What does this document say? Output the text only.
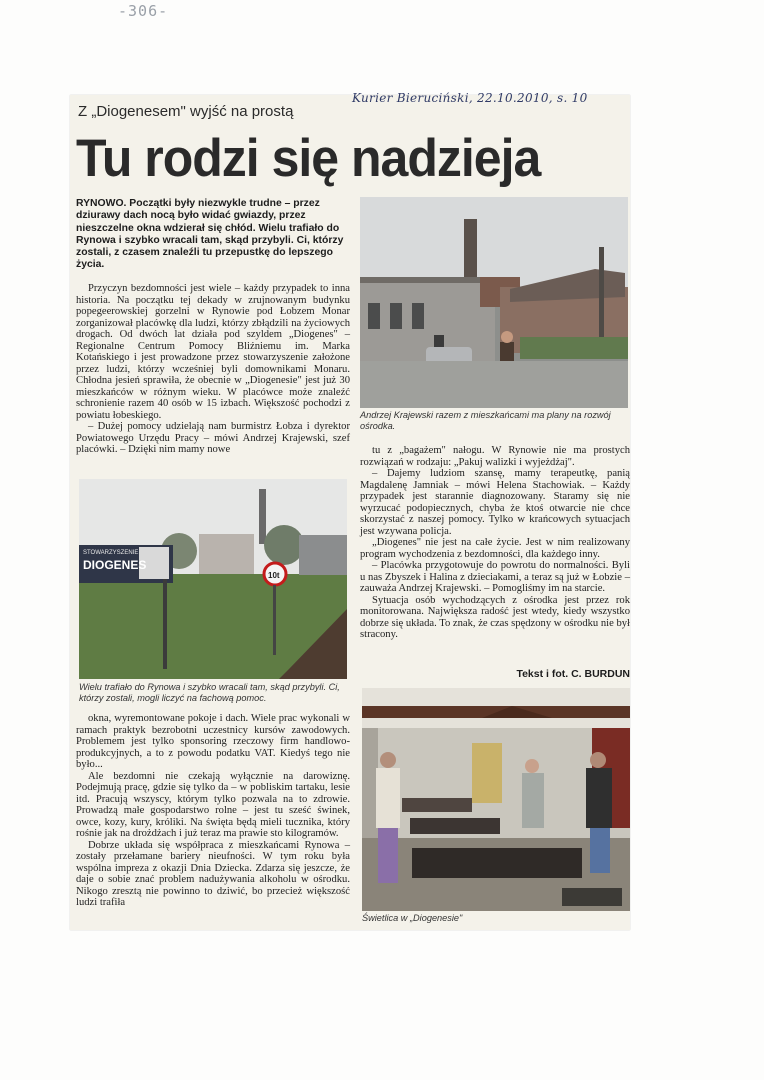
-306-
Z „Diogenesem" wyjść na prostą
Kurier Bieruciński, 22.10.2010, s. 10
Tu rodzi się nadzieja
RYNOWO. Początki były niezwykle trudne – przez dziurawy dach nocą było widać gwiazdy, przez nieszczelne okna wdzierał się chłód. Wielu trafiało do Rynowa i szybko wracali tam, skąd przybyli. Ci, którzy zostali, z czasem znaleźli tu przepustkę do lepszego życia.

Przyczyn bezdomności jest wiele – każdy przypadek to inna historia. Na początku tej dekady w zrujnowanym budynku popegeerowskiej gorzelni w Rynowie pod Łobzem Monar zorganizował placówkę dla ludzi, którzy zbłądzili na życiowych drogach. Od dwóch lat działa pod szyldem „Diogenes" – Regionalne Centrum Pomocy Bliźniemu im. Marka Kotańskiego i jest prowadzone przez stowarzyszenie założone przez ludzi, którzy wcześniej byli domownikami Monaru. Chłodna jesień sprawiła, że obecnie w „Diogenesie" jest już 30 mieszkańców w różnym wieku. W placówce może znaleźć schronienie razem 40 osób w 15 izbach. Większość pochodzi z powiatu łobeskiego.

– Dużej pomocy udzielają nam burmistrz Łobza i dyrektor Powiatowego Urzędu Pracy – mówi Andrzej Krajewski, szef placówki. – Dzięki nim mamy nowe

Andrzej Krajewski razem z mieszkańcami ma plany na rozwój ośrodka.
STOWARZYSZENIE
DIOGENES
10t
Wielu trafiało do Rynowa i szybko wracali tam, skąd przybyli. Ci, którzy zostali, mogli liczyć na fachową pomoc.

okna, wyremontowane pokoje i dach. Wiele prac wykonali w ramach praktyk bezrobotni uczestnicy kursów zawodowych. Problemem jest tylko sponsoring rzeczowy firm handlowo-produkcyjnych, a to z powodu podatku VAT. Kiedyś tego nie było...

Ale bezdomni nie czekają wyłącznie na darowiznę. Podejmują pracę, gdzie się tylko da – w pobliskim tartaku, lesie itd. Pracują wszyscy, którym tylko pozwala na to zdrowie. Prowadzą małe gospodarstwo rolne – jest tu sześć świnek, owce, kozy, kury, króliki. Na święta będą mieli tucznika, który rośnie jak na drożdżach i już teraz ma prawie sto kilogramów.

Dobrze układa się współpraca z mieszkańcami Rynowa – zostały przełamane bariery nieufności. W tym roku była wspólna impreza z okazji Dnia Dziecka. Zdarza się jeszcze, że daje o sobie znać problem nadużywania alkoholu w ośrodku. Nikogo zresztą nie powinno to dziwić, bo przecież większość ludzi trafiła

tu z „bagażem" nałogu. W Rynowie nie ma prostych rozwiązań w rodzaju: „Pakuj walizki i wyjeżdżaj".

– Dajemy ludziom szansę, mamy terapeutkę, panią Magdalenę Jamniak – mówi Helena Stachowiak. – Każdy przypadek jest starannie diagnozowany. Staramy się nie wyrzucać podopiecznych, chyba że ktoś otwarcie nie chce skorzystać z naszej pomocy. Tylko w krańcowych sytuacjach jest wzywana policja.

„Diogenes" nie jest na całe życie. Jest w nim realizowany program wychodzenia z bezdomności, dla każdego inny.

– Placówka przygotowuje do powrotu do normalności. Byli u nas Zbyszek i Halina z dzieciakami, a teraz są już w Łobzie – zauważa Andrzej Krajewski. – Pomogliśmy im na starcie.

Sytuacja osób wychodzących z ośrodka jest przez rok monitorowana. Największa radość jest wtedy, kiedy wszystko dobrze się układa. To znak, że czas spędzony w ośrodku nie był stracony.

Tekst i fot. C. BURDUN
Świetlica w „Diogenesie"
